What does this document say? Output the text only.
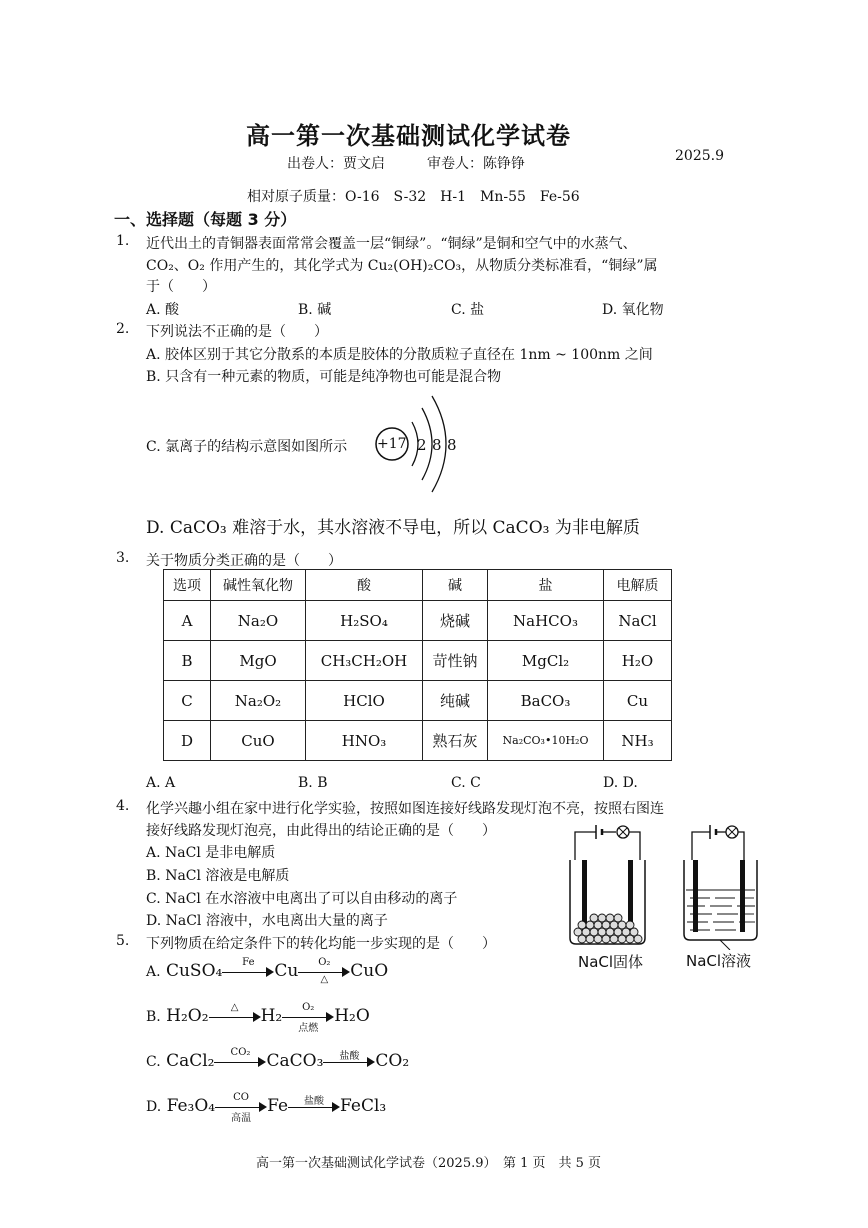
高一第一次基础测试化学试卷
出卷人：贾文启　　　审卷人：陈铮铮	2025.9
相对原子质量：O-16　S-32　H-1　Mn-55　Fe-56
一、选择题（每题 3 分）
1. 近代出土的青铜器表面常常会覆盖一层“铜绿”。“铜绿”是铜和空气中的水蒸气、
CO₂、O₂ 作用产生的，其化学式为 Cu₂(OH)₂CO₃，从物质分类标准看，“铜绿”属
于（　　）
A. 酸	B. 碱	C. 盐	D. 氧化物
2. 下列说法不正确的是（　　）
A. 胶体区别于其它分散系的本质是胶体的分散质粒子直径在 1nm ~ 100nm 之间
B. 只含有一种元素的物质，可能是纯净物也可能是混合物
C. 氯离子的结构示意图如图所示 +17 2 8 8
D. CaCO₃ 难溶于水，其水溶液不导电，所以 CaCO₃ 为非电解质
3. 关于物质分类正确的是（　　）
选项	碱性氧化物	酸	碱	盐	电解质
A	Na₂O	H₂SO₄	烧碱	NaHCO₃	NaCl
B	MgO	CH₃CH₂OH	苛性钠	MgCl₂	H₂O
C	Na₂O₂	HClO	纯碱	BaCO₃	Cu
D	CuO	HNO₃	熟石灰	Na₂CO₃•10H₂O	NH₃
A. A	B. B	C. C	D. D.
4. 化学兴趣小组在家中进行化学实验，按照如图连接好线路发现灯泡不亮，按照右图连
接好线路发现灯泡亮，由此得出的结论正确的是（　　）
A. NaCl 是非电解质
B. NaCl 溶液是电解质
C. NaCl 在水溶液中电离出了可以自由移动的离子
D. NaCl 溶液中，水电离出大量的离子
NaCl固体	NaCl溶液
5. 下列物质在给定条件下的转化均能一步实现的是（　　）
A. CuSO₄	Fe	Cu	O₂
△	CuO
B. H₂O₂	△	H₂	O₂
点燃
H₂O
C. CaCl₂	CO₂ CaCO₃	盐酸 CO₂
D. Fe₃O₄	CO
高温
Fe	盐酸 FeCl₃
高一第一次基础测试化学试卷（2025.9）　第 1 页　共 5 页
